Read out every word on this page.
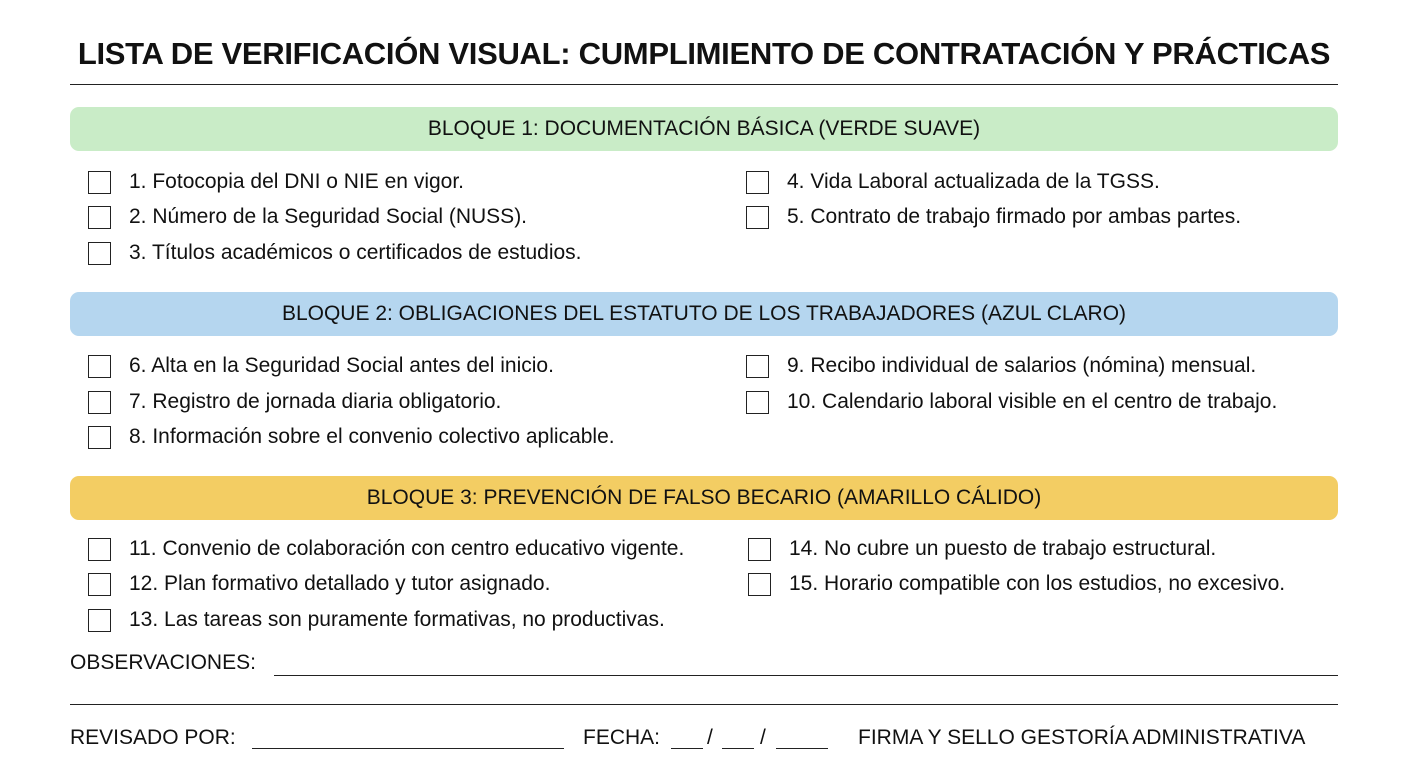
LISTA DE VERIFICACIÓN VISUAL: CUMPLIMIENTO DE CONTRATACIÓN Y PRÁCTICAS
BLOQUE 1: DOCUMENTACIÓN BÁSICA (VERDE SUAVE)
1. Fotocopia del DNI o NIE en vigor.
2. Número de la Seguridad Social (NUSS).
3. Títulos académicos o certificados de estudios.
4. Vida Laboral actualizada de la TGSS.
5. Contrato de trabajo firmado por ambas partes.
BLOQUE 2: OBLIGACIONES DEL ESTATUTO DE LOS TRABAJADORES (AZUL CLARO)
6. Alta en la Seguridad Social antes del inicio.
7. Registro de jornada diaria obligatorio.
8. Información sobre el convenio colectivo aplicable.
9. Recibo individual de salarios (nómina) mensual.
10. Calendario laboral visible en el centro de trabajo.
BLOQUE 3: PREVENCIÓN DE FALSO BECARIO (AMARILLO CÁLIDO)
11. Convenio de colaboración con centro educativo vigente.
12. Plan formativo detallado y tutor asignado.
13. Las tareas son puramente formativas, no productivas.
14. No cubre un puesto de trabajo estructural.
15. Horario compatible con los estudios, no excesivo.
OBSERVACIONES:
REVISADO POR:	FECHA: / /	FIRMA Y SELLO GESTORÍA ADMINISTRATIVA
